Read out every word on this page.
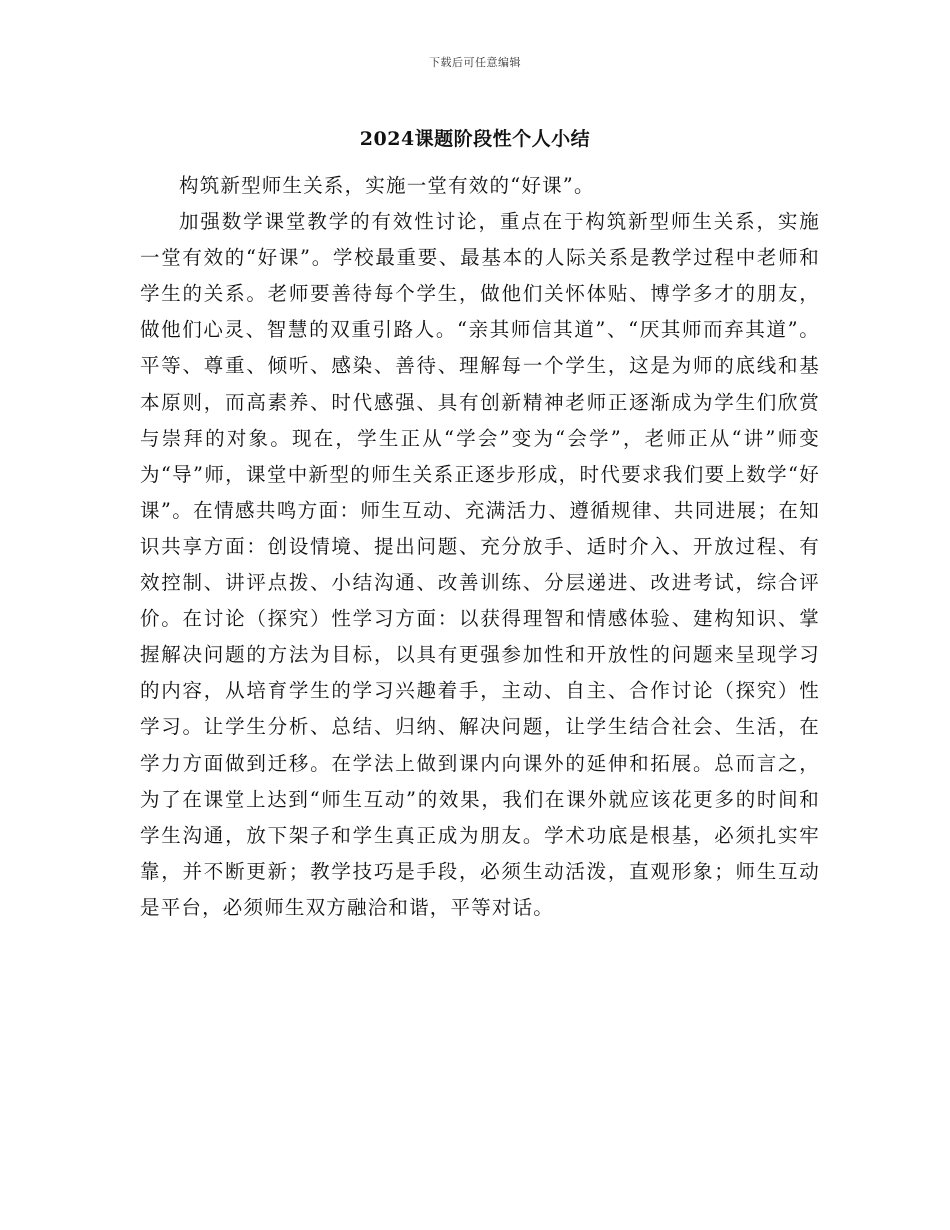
下载后可任意编辑
2024课题阶段性个人小结

构筑新型师生关系，实施一堂有效的“好课”。

加强数学课堂教学的有效性讨论，重点在于构筑新型师生关系，实施一堂有效的“好课”。学校最重要、最基本的人际关系是教学过程中老师和学生的关系。老师要善待每个学生，做他们关怀体贴、博学多才的朋友，做他们心灵、智慧的双重引路人。“亲其师信其道”、“厌其师而弃其道”。平等、尊重、倾听、感染、善待、理解每一个学生，这是为师的底线和基本原则，而高素养、时代感强、具有创新精神老师正逐渐成为学生们欣赏与崇拜的对象。现在，学生正从“学会”变为“会学”，老师正从“讲”师变为“导”师，课堂中新型的师生关系正逐步形成，时代要求我们要上数学“好课”。在情感共鸣方面：师生互动、充满活力、遵循规律、共同进展；在知识共享方面：创设情境、提出问题、充分放手、适时介入、开放过程、有效控制、讲评点拨、小结沟通、改善训练、分层递进、改进考试，综合评价。在讨论（探究）性学习方面：以获得理智和情感体验、建构知识、掌握解决问题的方法为目标，以具有更强参加性和开放性的问题来呈现学习的内容，从培育学生的学习兴趣着手，主动、自主、合作讨论（探究）性学习。让学生分析、总结、归纳、解决问题，让学生结合社会、生活，在学力方面做到迁移。在学法上做到课内向课外的延伸和拓展。总而言之，为了在课堂上达到“师生互动”的效果，我们在课外就应该花更多的时间和学生沟通，放下架子和学生真正成为朋友。学术功底是根基，必须扎实牢靠，并不断更新；教学技巧是手段，必须生动活泼，直观形象；师生互动是平台，必须师生双方融洽和谐，平等对话。
